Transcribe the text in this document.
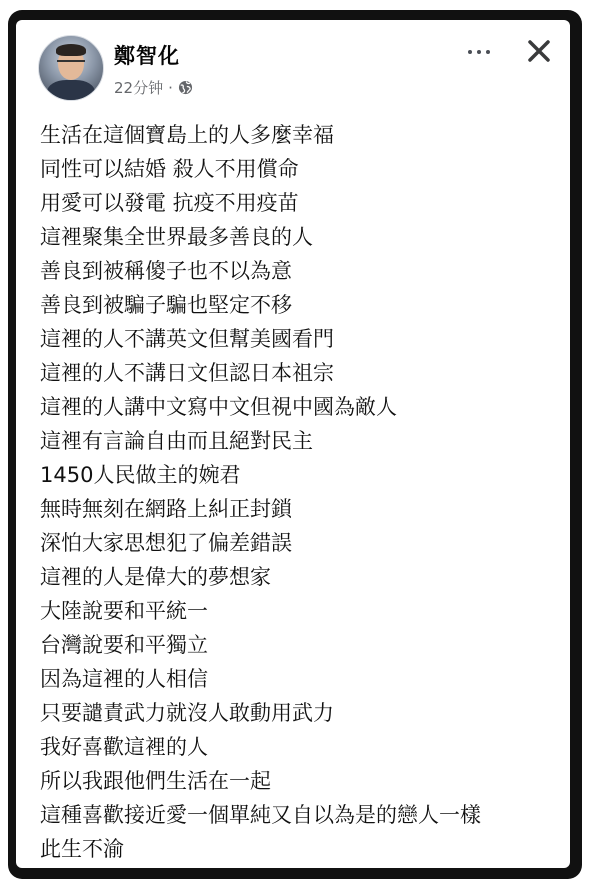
鄭智化
22分钟 ·
生活在這個寶島上的人多麼幸福
同性可以結婚 殺人不用償命
用愛可以發電 抗疫不用疫苗
這裡聚集全世界最多善良的人
善良到被稱傻子也不以為意
善良到被騙子騙也堅定不移
這裡的人不講英文但幫美國看門
這裡的人不講日文但認日本祖宗
這裡的人講中文寫中文但視中國為敵人
這裡有言論自由而且絕對民主
1450人民做主的婉君
無時無刻在網路上糾正封鎖
深怕大家思想犯了偏差錯誤
這裡的人是偉大的夢想家
大陸說要和平統一
台灣說要和平獨立
因為這裡的人相信
只要譴責武力就沒人敢動用武力
我好喜歡這裡的人
所以我跟他們生活在一起
這種喜歡接近愛一個單純又自以為是的戀人一樣
此生不渝
